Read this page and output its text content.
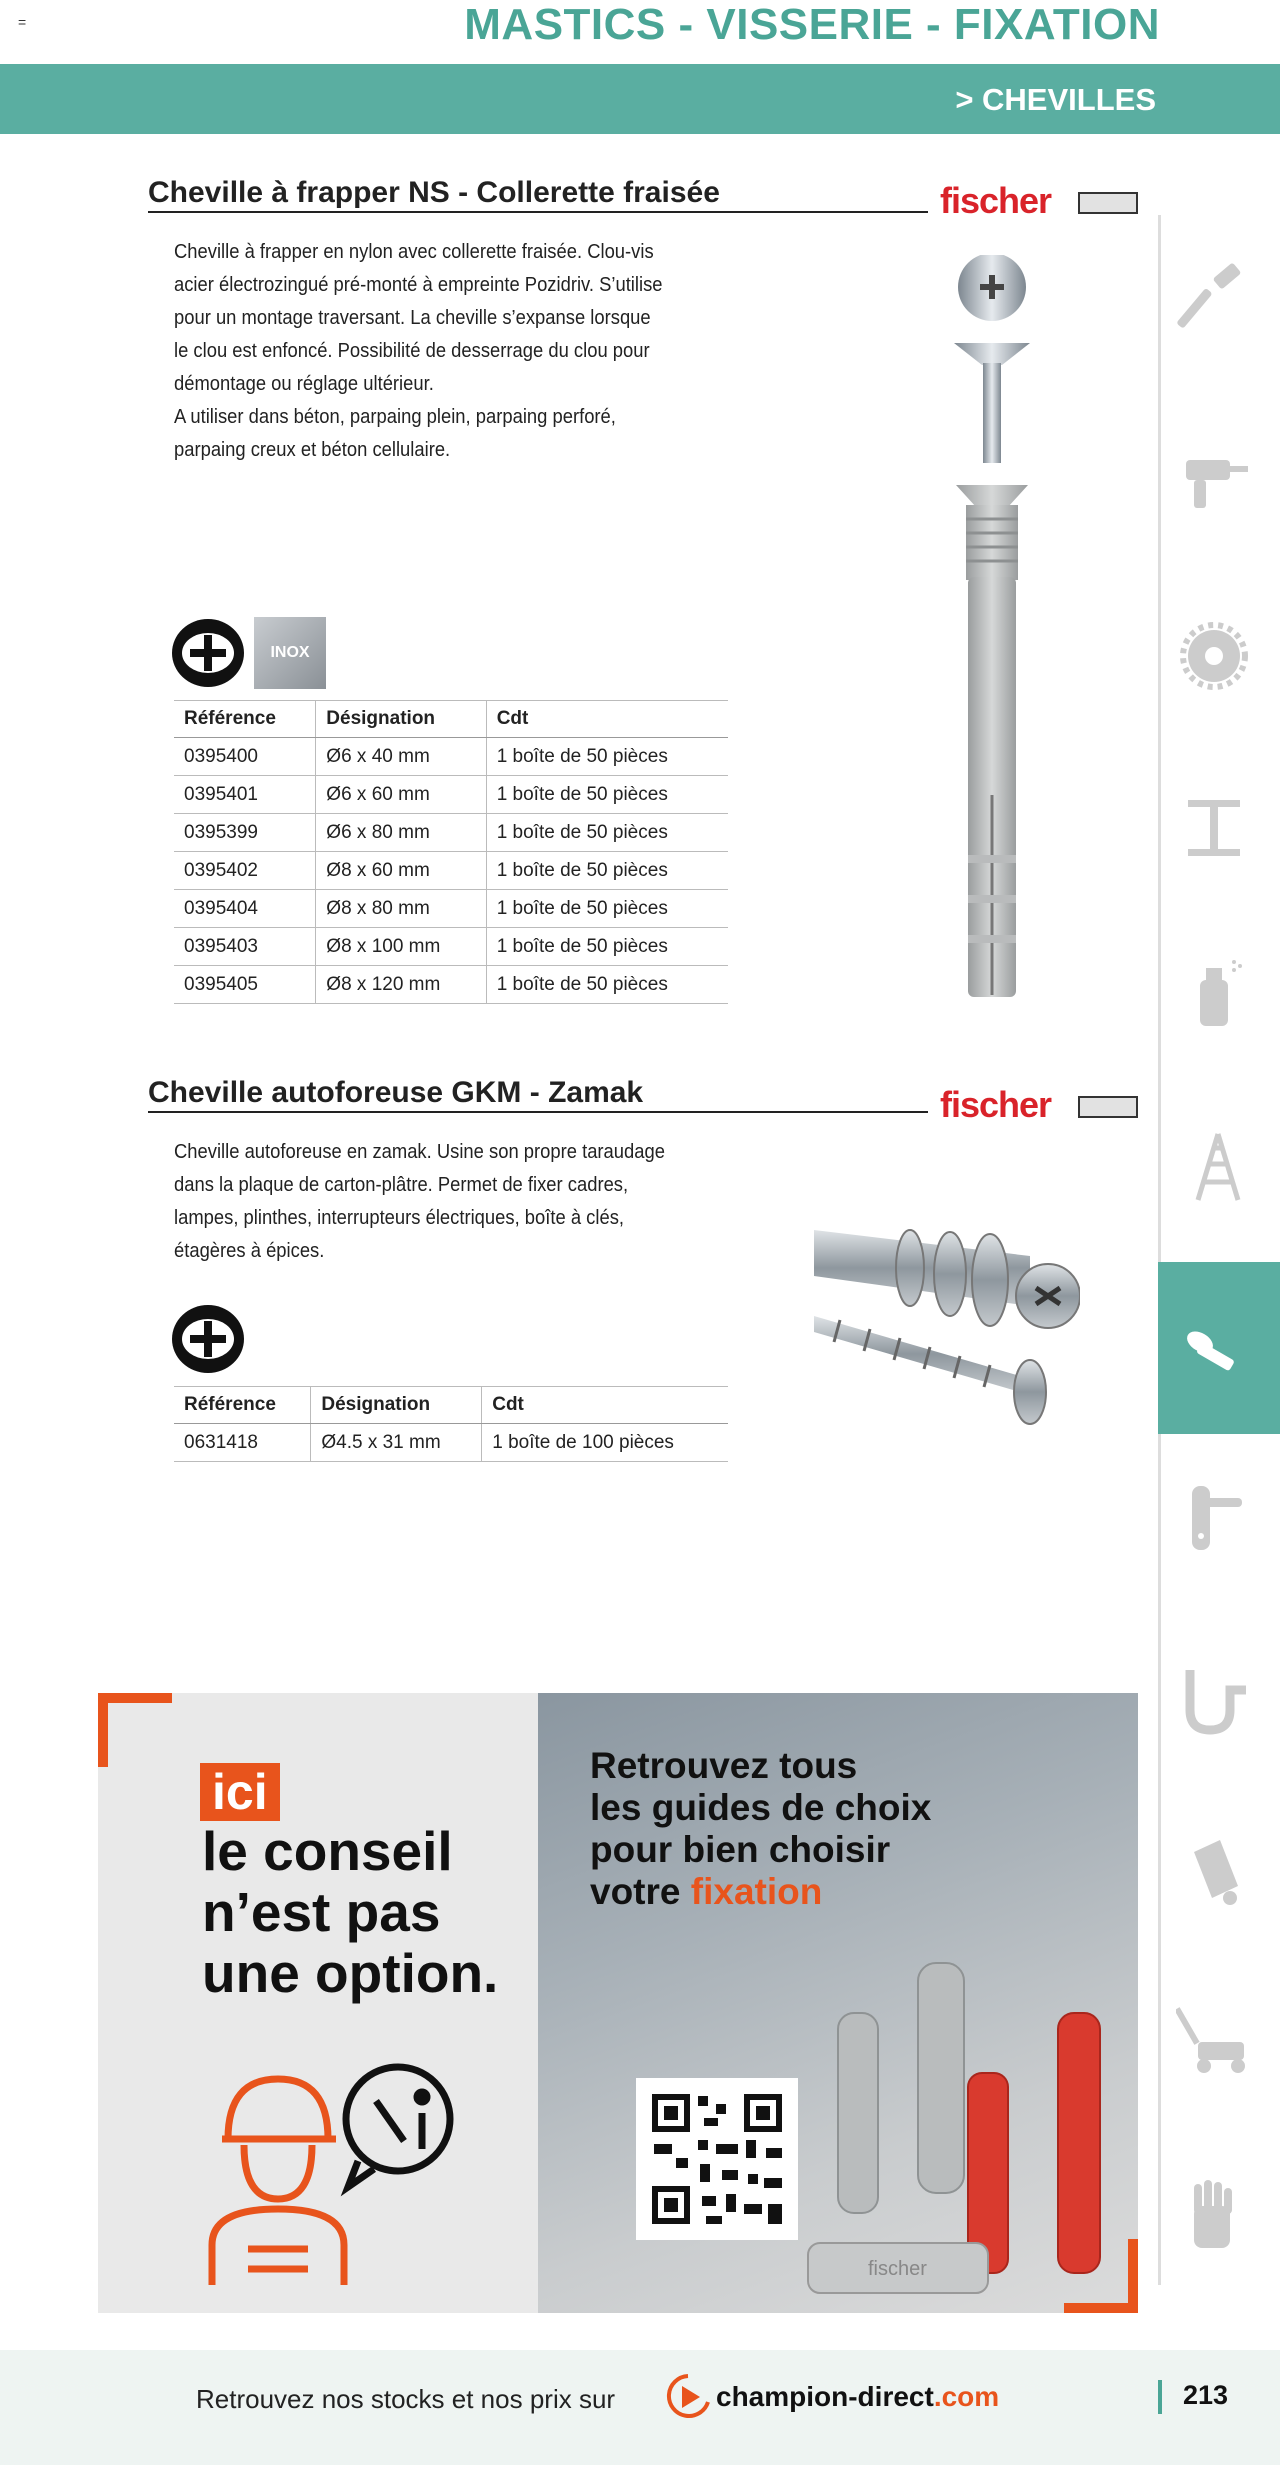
=	MASTICS - VISSERIE - FIXATION
> CHEVILLES
Cheville à frapper NS - Collerette fraisée	fischer
Cheville à frapper en nylon avec collerette fraisée. Clou-vis
acier électrozingué pré-monté à empreinte Pozidriv. S’utilise
pour un montage traversant. La cheville s’expanse lorsque
le clou est enfoncé. Possibilité de desserrage du clou pour
démontage ou réglage ultérieur.
A utiliser dans béton, parpaing plein, parpaing perforé,
parpaing creux et béton cellulaire.
INOX
Référence	Désignation	Cdt
0395400	Ø6 x 40 mm	1 boîte de 50 pièces
0395401	Ø6 x 60 mm	1 boîte de 50 pièces
0395399	Ø6 x 80 mm	1 boîte de 50 pièces
0395402	Ø8 x 60 mm	1 boîte de 50 pièces
0395404	Ø8 x 80 mm	1 boîte de 50 pièces
0395403	Ø8 x 100 mm	1 boîte de 50 pièces
0395405	Ø8 x 120 mm	1 boîte de 50 pièces
Cheville autoforeuse GKM - Zamak	fischer
Cheville autoforeuse en zamak. Usine son propre taraudage
dans la plaque de carton-plâtre. Permet de fixer cadres,
lampes, plinthes, interrupteurs électriques, boîte à clés,
étagères à épices.
Référence	Désignation	Cdt
0631418	Ø4.5 x 31 mm	1 boîte de 100 pièces
ici
le conseil
n’est pas
une option.
Retrouvez tous
les guides de choix
pour bien choisir
votre fixation
fischer
Retrouvez nos stocks et nos prix sur	champion-direct.com	213
